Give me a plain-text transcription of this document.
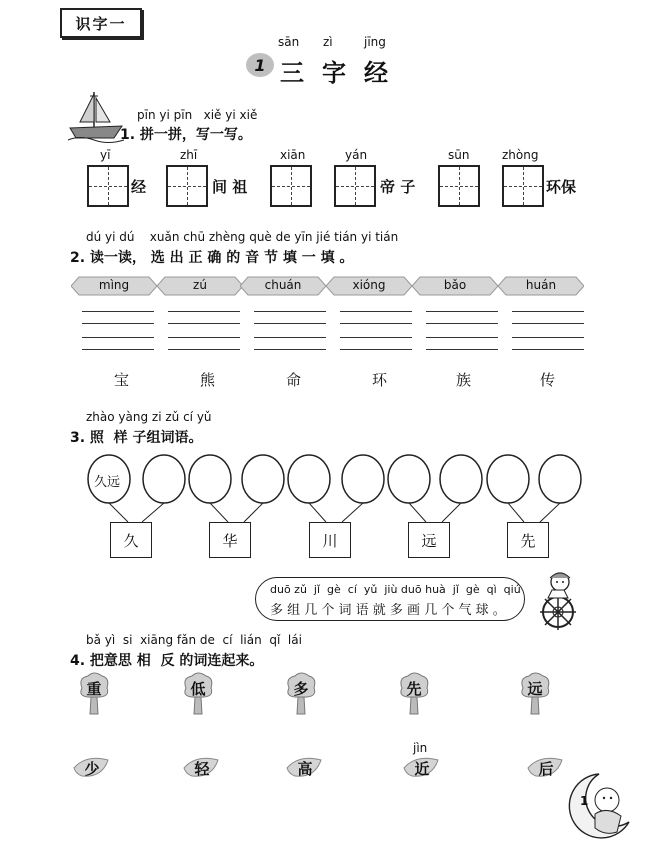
识字一
sān zì	jīng
1 三 字 经
pīn yi pīn   xiě yi xiě
1. 拼一拼，写一写。
yī	zhī	xiān	yán	sūn	zhòng
经	间 祖	帝 子	环保
dú yi dú    xuǎn chū zhèng què de yīn jié tián yi tián
2. 读一读， 选 出 正 确 的 音 节 填 一 填 。
mìng	zú	chuán	xióng	bǎo	huán
宝	熊	命	环	族	传
zhào yàng zi zǔ cí yǔ
3. 照  样 子组词语。
久远
久	华	川	远	先
duō zǔ  jǐ  gè  cí  yǔ  jiù duō huà  jǐ  gè  qì  qiú
多 组 几 个 词 语 就 多 画 几 个 气 球 。
bǎ yì  si  xiāng fǎn de  cí  lián  qǐ  lái
4. 把意思 相  反 的词连起来。
重	低	多	先	远
少	轻	高	近	后
jìn
1
